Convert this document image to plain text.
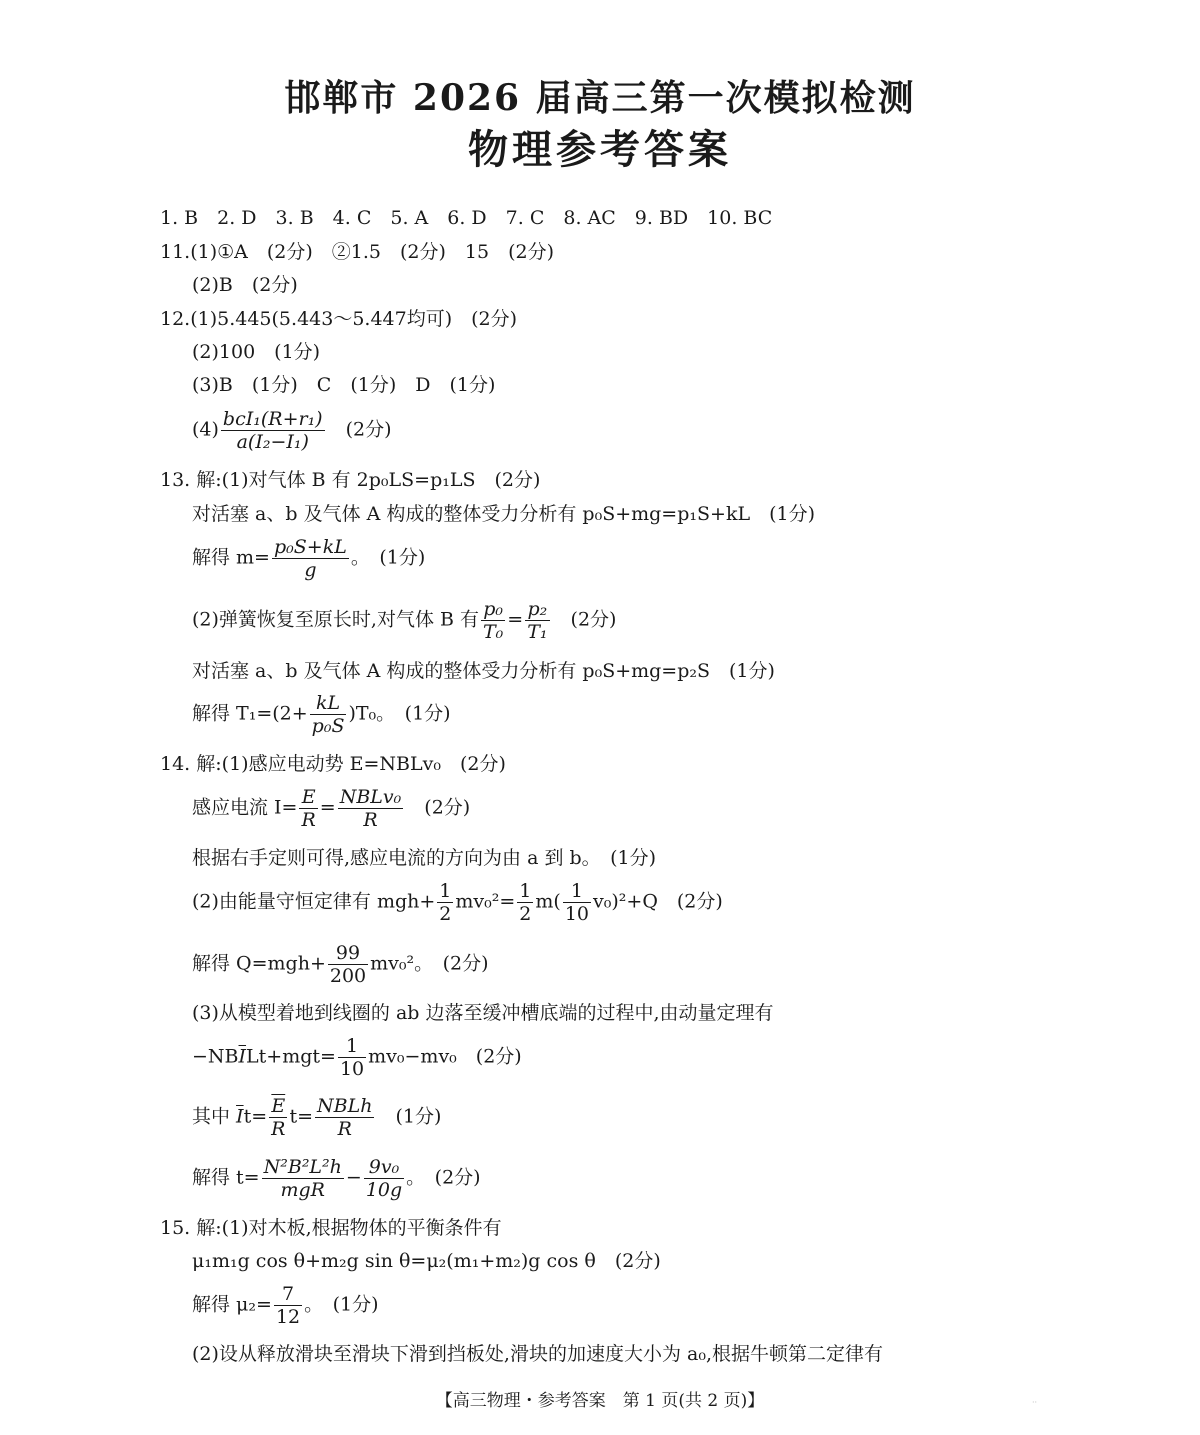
邯郸市 2026 届高三第一次模拟检测
物理参考答案
1. B　2. D　3. B　4. C　5. A　6. D　7. C　8. AC　9. BD　10. BC
11.(1)①A　(2分)　②1.5　(2分)　15　(2分)
(2)B　(2分)
12.(1)5.445(5.443～5.447均可)　(2分)
(2)100　(1分)
(3)B　(1分)　C　(1分)　D　(1分)
$(4) \frac{\text{bcI₁(R+r₁)}}{\text{a(I₂−I₁)}}$
　 (2分)
13. 解:(1)对气体 B 有 2p₀LS=p₁LS　(2分)
对活塞 a、b 及气体 A 构成的整体受力分析有 p₀S+mg=p₁S+kL　(1分)
解得 $m= \frac{\text{p₀S+kL}}{g}$ 。　(1分)
(2)弹簧恢复至原长时,对气体 B 有 $\frac{\text{p₀}}{\text{T₀}} = \frac{\text{p₂}}{\text{T₁}}$
　 (2分)
对活塞 a、b 及气体 A 构成的整体受力分析有 p₀S+mg=p₂S　(1分)
解得 $T_1=(2+ \frac{kL}{\text{p₀S}} )T_0$。　(1分)
14. 解:(1)感应电动势 E=NBLv₀　(2分)
感应电流 $I= \frac{E}{R} = \frac{\text{NBLv₀}}{R}$
　 (2分)
根据右手定则可得,感应电流的方向为由 a 到 b。　(1分)
(2)由能量守恒定律有 $mgh+ \frac{1}{2} mv_0^2= \frac{1}{2} m( \frac{1}{10} v_0)^2+Q$　(2分)
解得 $Q=mgh+ \frac{99}{200} mv_0^2$。　(2分)
(3)从模型着地到线圈的 ab 边落至缓冲槽底端的过程中,由动量定理有
$-NB\overline{I}Lt+mgt= \frac{1}{10} mv_0-mv_0$　(2分)
其中 $\overline{I}t= \frac{\overline{E}}{R} t= \frac{\text{NBLh}}{R}$
　 (1分)
解得 $t= \frac{\text{N²B²L²h}}{\text{mgR}} - \frac{\text{9v₀}}{10g}$ 。　(2分)
15. 解:(1)对木板,根据物体的平衡条件有
μ₁m₁g cos θ+m₂g sin θ=μ₂(m₁+m₂)g cos θ　(2分)
解得 $\mu_2= \frac{7}{12}$ 。　(1分)
(2)设从释放滑块至滑块下滑到挡板处,滑块的加速度大小为 a₀,根据牛顿第二定律有
【高三物理・参考答案　第 1 页(共 2 页)】	··
